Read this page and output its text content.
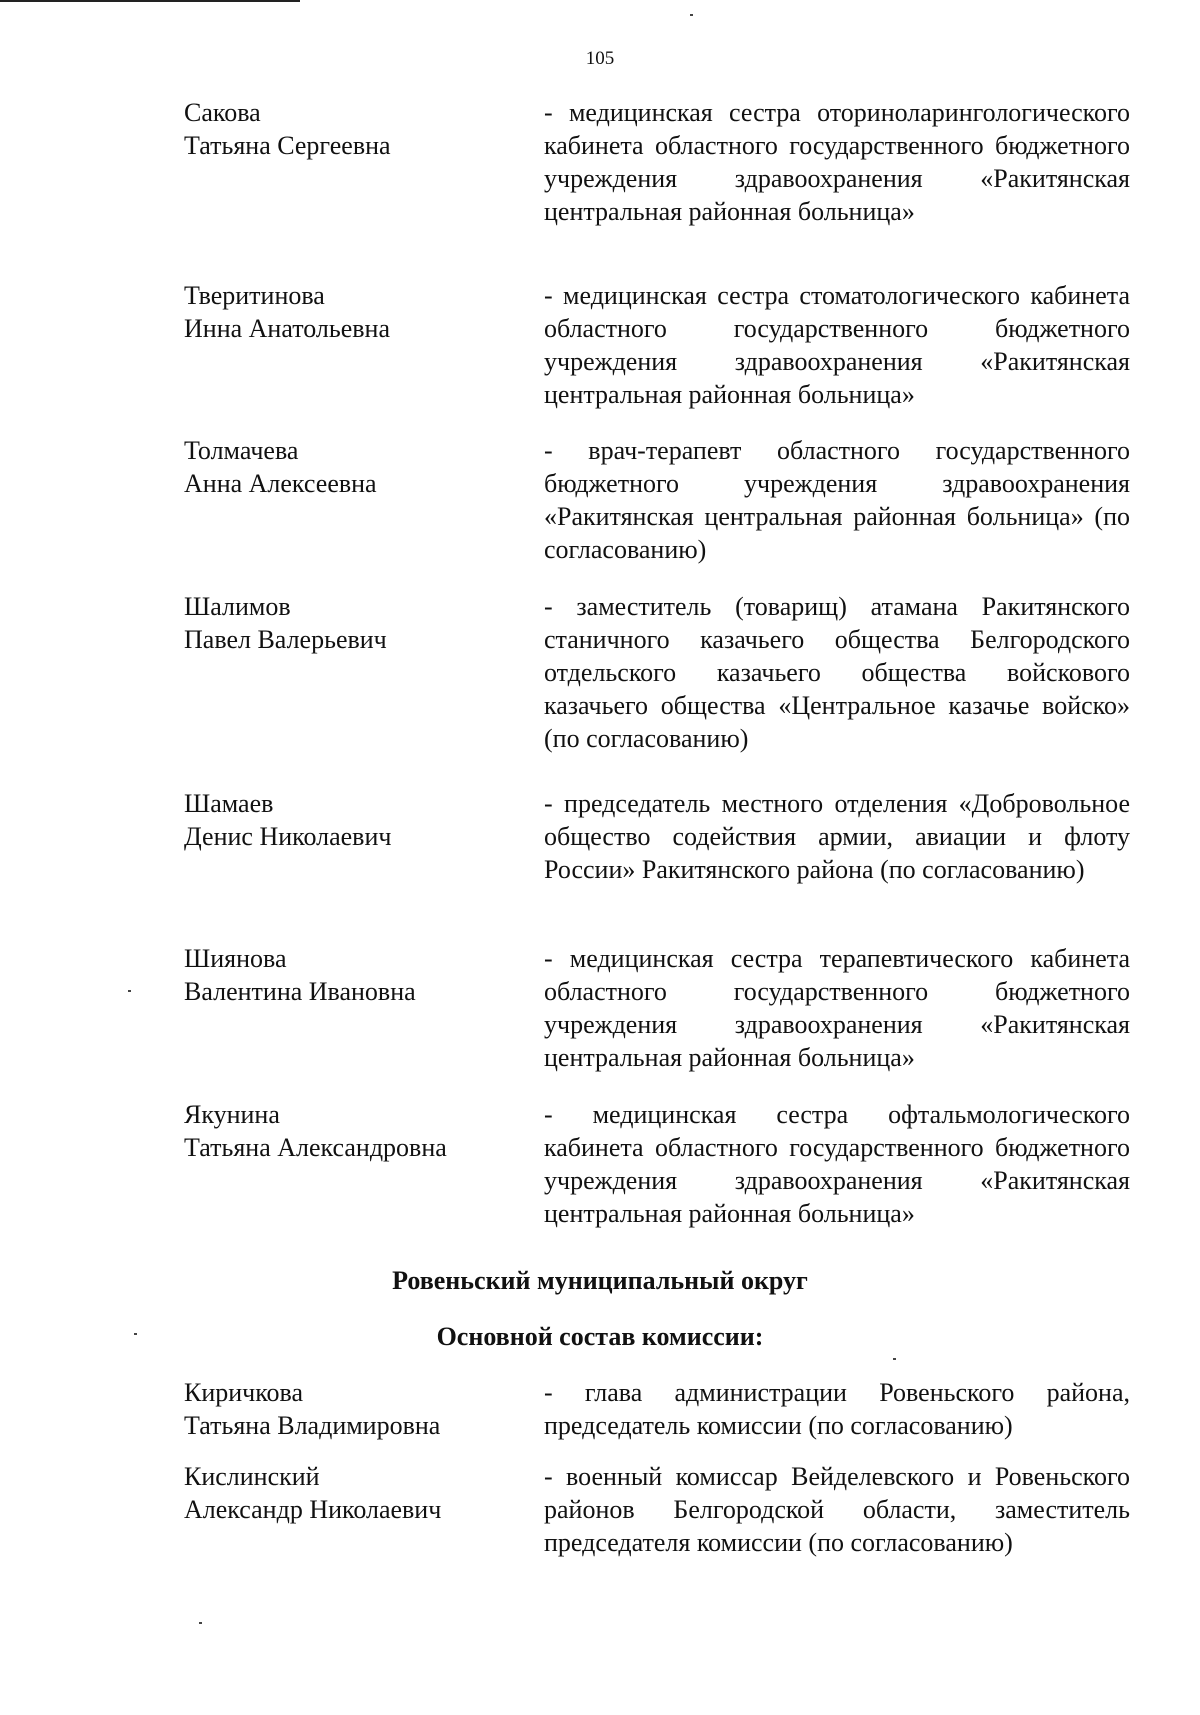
105
Сакова
Татьяна Сергеевна
- медицинская сестра оториноларингологического кабинета областного государственного бюджетного учреждения здравоохранения «Ракитянская центральная районная больница»
Тверитинова
Инна Анатольевна
- медицинская сестра стоматологического кабинета областного государственного бюджетного учреждения здравоохранения «Ракитянская центральная районная больница»
Толмачева
Анна Алексеевна
- врач-терапевт областного государственного бюджетного учреждения здравоохранения «Ракитянская центральная районная больница» (по согласованию)
Шалимов
Павел Валерьевич
- заместитель (товарищ) атамана Ракитянского станичного казачьего общества Белгородского отдельского казачьего общества войскового казачьего общества «Центральное казачье войско» (по согласованию)
Шамаев
Денис Николаевич
- председатель местного отделения «Добровольное общество содействия армии, авиации и флоту России» Ракитянского района (по согласованию)
Шиянова
Валентина Ивановна
- медицинская сестра терапевтического кабинета областного государственного бюджетного учреждения здравоохранения «Ракитянская центральная районная больница»
Якунина
Татьяна Александровна
- медицинская сестра офтальмологического кабинета областного государственного бюджетного учреждения здравоохранения «Ракитянская центральная районная больница»
Ровеньский муниципальный округ
Основной состав комиссии:
Киричкова
Татьяна Владимировна
- глава администрации Ровеньского района, председатель комиссии (по согласованию)
Кислинский
Александр Николаевич
- военный комиссар Вейделевского и Ровеньского районов Белгородской области, заместитель председателя комиссии (по согласованию)
